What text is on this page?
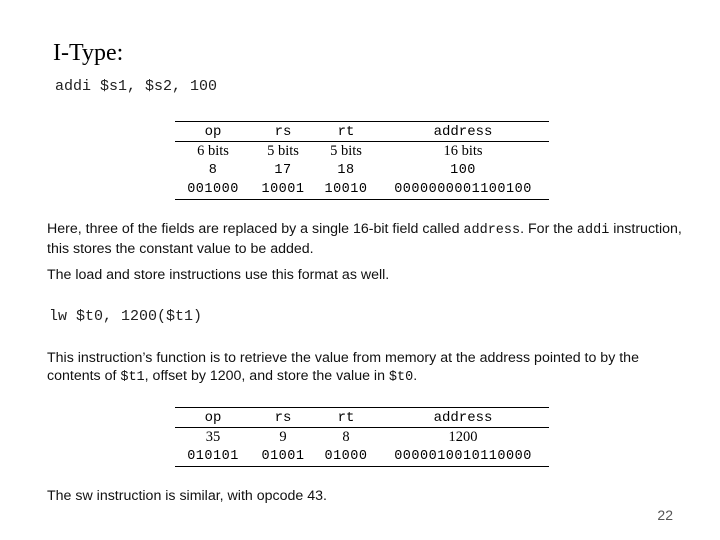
I-Type:
addi $s1, $s2, 100
op	rs	rt	address
6 bits	5 bits	5 bits	16 bits
8	17	18	100
001000	10001	10010	0000000001100100
Here, three of the fields are replaced by a single 16-bit field called address. For the addi instruction, this stores the constant value to be added.
The load and store instructions use this format as well.
lw $t0, 1200($t1)
This instruction’s function is to retrieve the value from memory at the address pointed to by the contents of $t1, offset by 1200, and store the value in $t0.
op	rs	rt	address
35	9	8	1200
010101	01001	01000	0000010010110000
The sw instruction is similar, with opcode 43.
22
